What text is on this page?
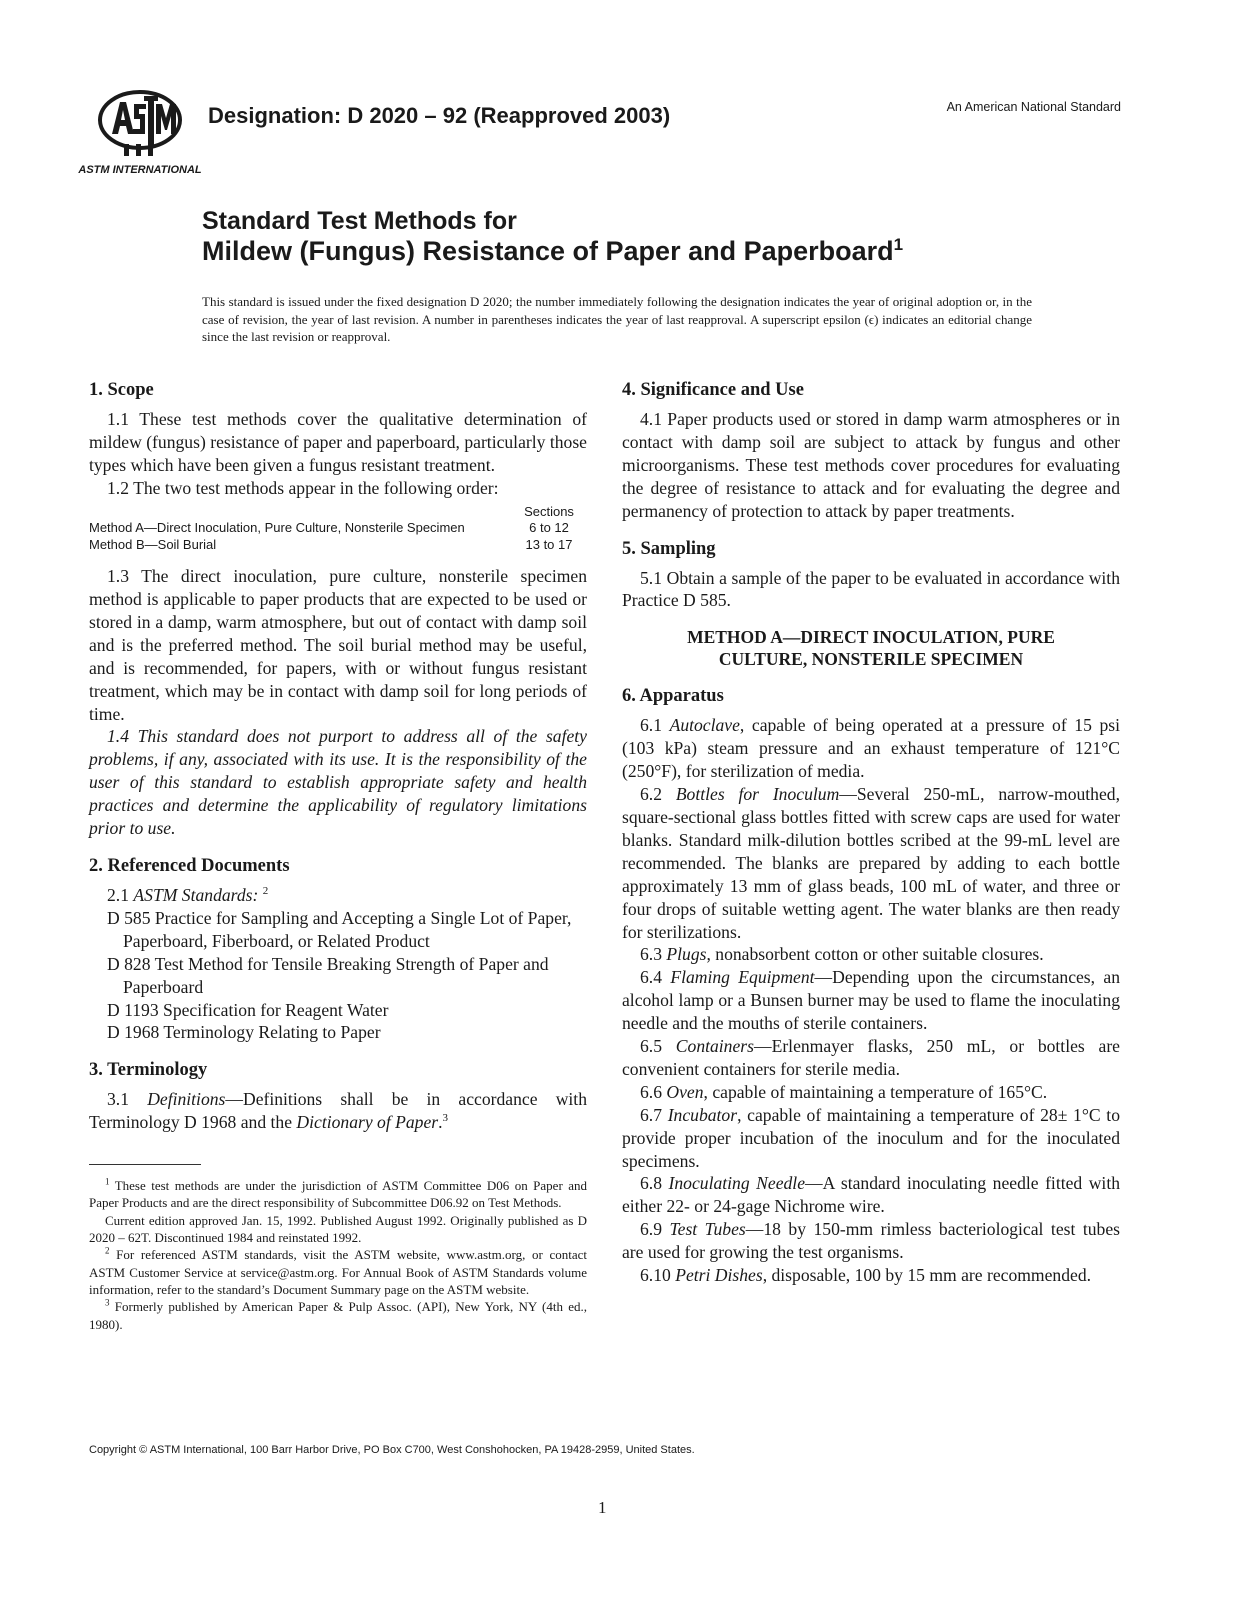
ASTM INTERNATIONAL
Designation: D 2020 – 92 (Reapproved 2003)	An American National Standard
Standard Test Methods for
Mildew (Fungus) Resistance of Paper and Paperboard$^1$
This standard is issued under the fixed designation D 2020; the number immediately following the designation indicates the year of original adoption or, in the case of revision, the year of last revision. A number in parentheses indicates the year of last reapproval. A superscript epsilon (ϵ) indicates an editorial change since the last revision or reapproval.
1. Scope

1.1 These test methods cover the qualitative determination of mildew (fungus) resistance of paper and paperboard, particularly those types which have been given a fungus resistant treatment.

1.2 The two test methods appear in the following order:

Sections
Method A—Direct Inoculation, Pure Culture, Nonsterile Specimen	6 to 12
Method B—Soil Burial	13 to 17

1.3 The direct inoculation, pure culture, nonsterile specimen method is applicable to paper products that are expected to be used or stored in a damp, warm atmosphere, but out of contact with damp soil and is the preferred method. The soil burial method may be useful, and is recommended, for papers, with or without fungus resistant treatment, which may be in contact with damp soil for long periods of time.

1.4 This standard does not purport to address all of the safety problems, if any, associated with its use. It is the responsibility of the user of this standard to establish appropriate safety and health practices and determine the applicability of regulatory limitations prior to use.

2. Referenced Documents

2.1 ASTM Standards: $^2$

D 585 Practice for Sampling and Accepting a Single Lot of Paper, Paperboard, Fiberboard, or Related Product

D 828 Test Method for Tensile Breaking Strength of Paper and Paperboard

D 1193 Specification for Reagent Water

D 1968 Terminology Relating to Paper

3. Terminology

3.1 Definitions—Definitions shall be in accordance with Terminology D 1968 and the Dictionary of Paper.$^3$

$^1$ These test methods are under the jurisdiction of ASTM Committee D06 on Paper and Paper Products and are the direct responsibility of Subcommittee D06.92 on Test Methods.
Current edition approved Jan. 15, 1992. Published August 1992. Originally published as D 2020 – 62T. Discontinued 1984 and reinstated 1992.
$^2$ For referenced ASTM standards, visit the ASTM website, www.astm.org, or contact ASTM Customer Service at service@astm.org. For Annual Book of ASTM Standards volume information, refer to the standard’s Document Summary page on the ASTM website.
$^3$ Formerly published by American Paper & Pulp Assoc. (API), New York, NY (4th ed., 1980).
4. Significance and Use

4.1 Paper products used or stored in damp warm atmospheres or in contact with damp soil are subject to attack by fungus and other microorganisms. These test methods cover procedures for evaluating the degree of resistance to attack and for evaluating the degree and permanency of protection to attack by paper treatments.

5. Sampling

5.1 Obtain a sample of the paper to be evaluated in accordance with Practice D 585.

METHOD A—DIRECT INOCULATION, PURE
CULTURE, NONSTERILE SPECIMEN
6. Apparatus

6.1 Autoclave, capable of being operated at a pressure of 15 psi (103 kPa) steam pressure and an exhaust temperature of 121°C (250°F), for sterilization of media.

6.2 Bottles for Inoculum—Several 250-mL, narrow-mouthed, square-sectional glass bottles fitted with screw caps are used for water blanks. Standard milk-dilution bottles scribed at the 99-mL level are recommended. The blanks are prepared by adding to each bottle approximately 13 mm of glass beads, 100 mL of water, and three or four drops of suitable wetting agent. The water blanks are then ready for sterilizations.

6.3 Plugs, nonabsorbent cotton or other suitable closures.

6.4 Flaming Equipment—Depending upon the circumstances, an alcohol lamp or a Bunsen burner may be used to flame the inoculating needle and the mouths of sterile containers.

6.5 Containers—Erlenmayer flasks, 250 mL, or bottles are convenient containers for sterile media.

6.6 Oven, capable of maintaining a temperature of 165°C.

6.7 Incubator, capable of maintaining a temperature of 28± 1°C to provide proper incubation of the inoculum and for the inoculated specimens.

6.8 Inoculating Needle—A standard inoculating needle fitted with either 22- or 24-gage Nichrome wire.

6.9 Test Tubes—18 by 150-mm rimless bacteriological test tubes are used for growing the test organisms.

6.10 Petri Dishes, disposable, 100 by 15 mm are recommended.

Copyright © ASTM International, 100 Barr Harbor Drive, PO Box C700, West Conshohocken, PA 19428-2959, United States.
1
